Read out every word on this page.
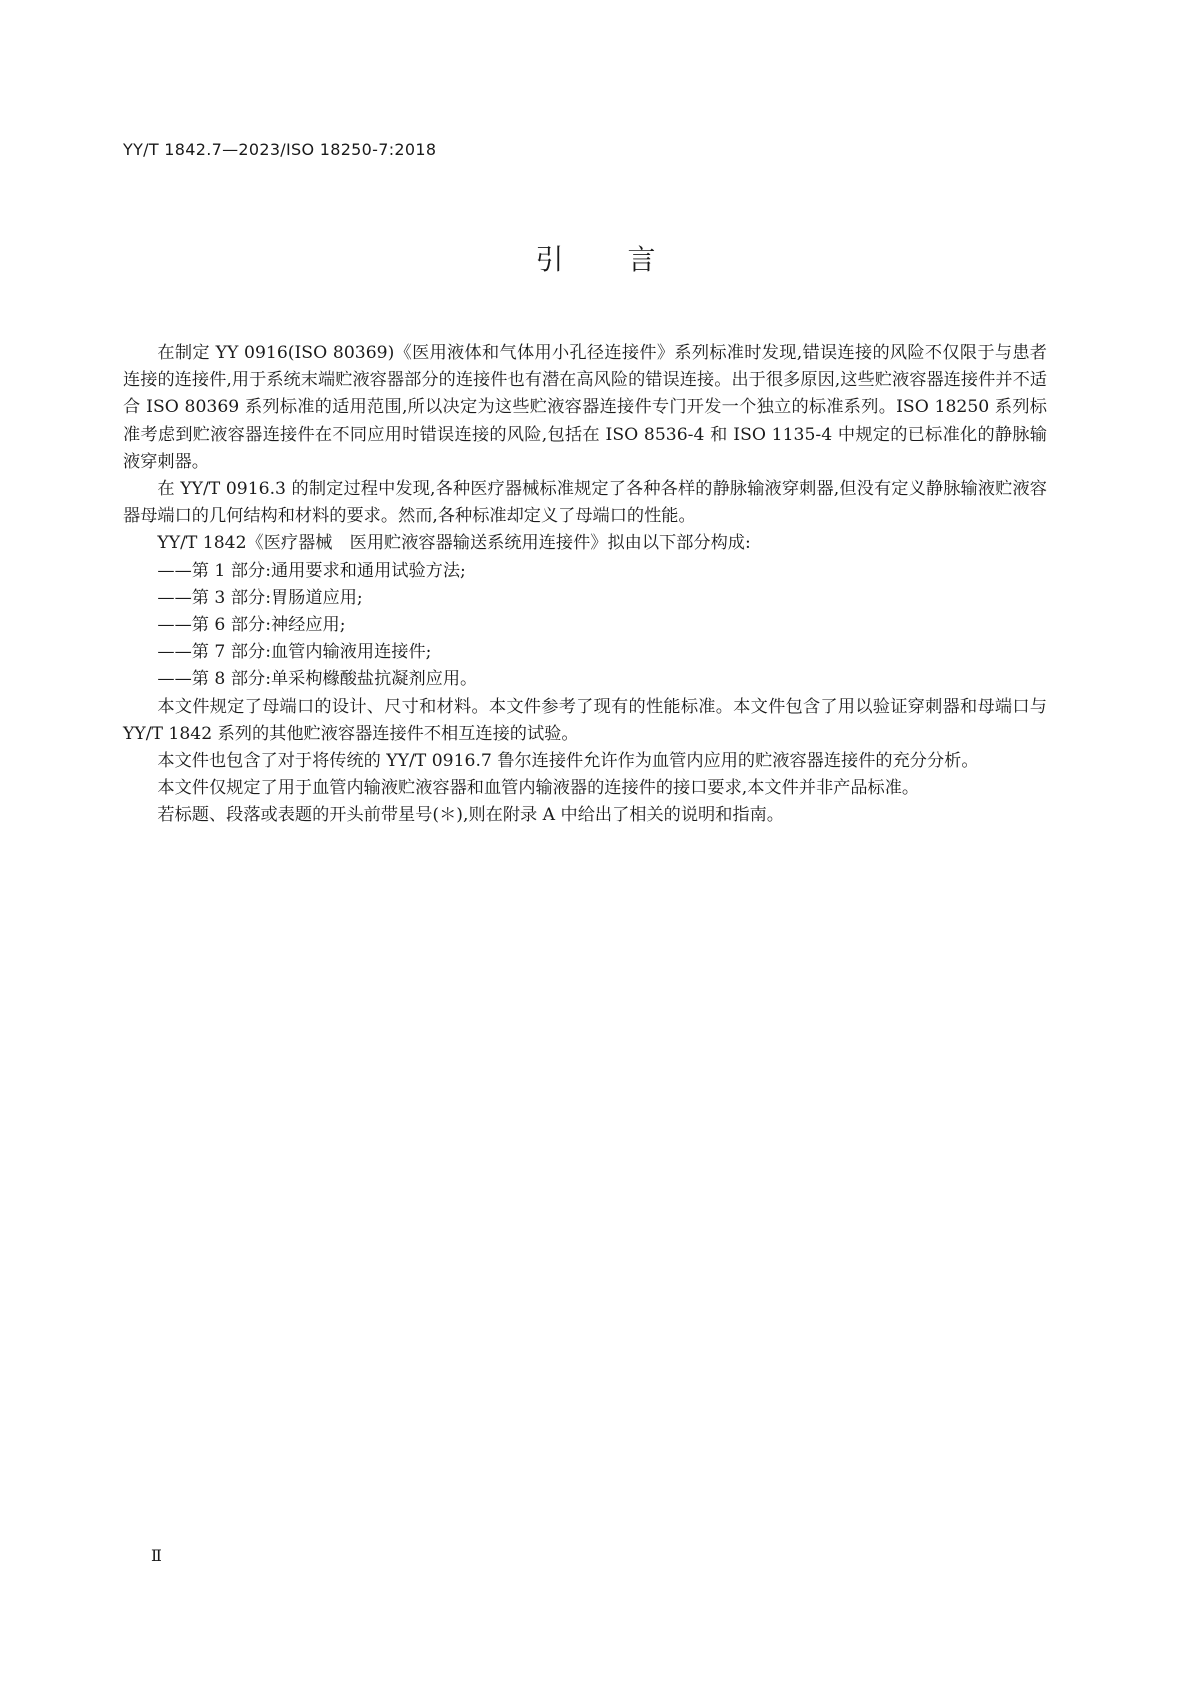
YY/T 1842.7—2023/ISO 18250-7:2018
引言

在制定 YY 0916(ISO 80369)《医用液体和气体用小孔径连接件》系列标准时发现,错误连接的风险不仅限于与患者连接的连接件,用于系统末端贮液容器部分的连接件也有潜在高风险的错误连接。出于很多原因,这些贮液容器连接件并不适合 ISO 80369 系列标准的适用范围,所以决定为这些贮液容器连接件专门开发一个独立的标准系列。ISO 18250 系列标准考虑到贮液容器连接件在不同应用时错误连接的风险,包括在 ISO 8536-4 和 ISO 1135-4 中规定的已标准化的静脉输液穿刺器。

在 YY/T 0916.3 的制定过程中发现,各种医疗器械标准规定了各种各样的静脉输液穿刺器,但没有定义静脉输液贮液容器母端口的几何结构和材料的要求。然而,各种标准却定义了母端口的性能。

YY/T 1842《医疗器械　医用贮液容器输送系统用连接件》拟由以下部分构成:

——第 1 部分:通用要求和通用试验方法;

——第 3 部分:胃肠道应用;

——第 6 部分:神经应用;

——第 7 部分:血管内输液用连接件;

——第 8 部分:单采枸橼酸盐抗凝剂应用。

本文件规定了母端口的设计、尺寸和材料。本文件参考了现有的性能标准。本文件包含了用以验证穿刺器和母端口与 YY/T 1842 系列的其他贮液容器连接件不相互连接的试验。

本文件也包含了对于将传统的 YY/T 0916.7 鲁尔连接件允许作为血管内应用的贮液容器连接件的充分分析。

本文件仅规定了用于血管内输液贮液容器和血管内输液器的连接件的接口要求,本文件并非产品标准。

若标题、段落或表题的开头前带星号(＊),则在附录 A 中给出了相关的说明和指南。

Ⅱ
